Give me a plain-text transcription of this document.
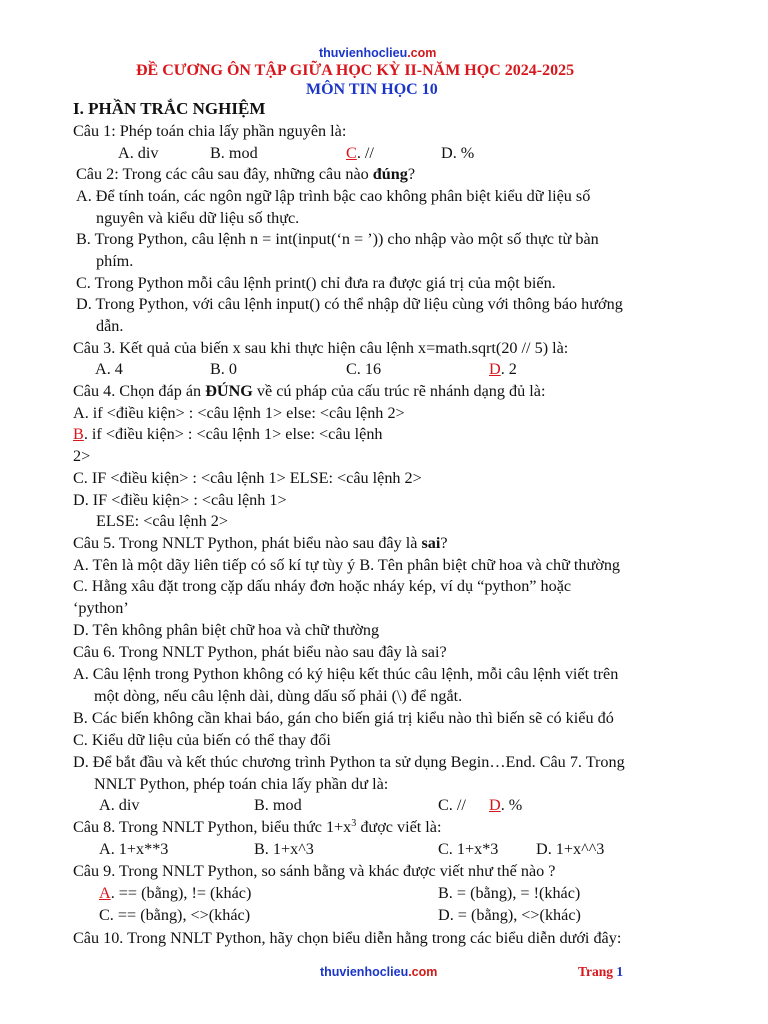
thuvienhoclieu.com
ĐỀ CƯƠNG ÔN TẬP GIỮA HỌC KỲ II-NĂM HỌC 2024-2025
MÔN TIN HỌC 10
I. PHẦN TRẮC NGHIỆM
Câu 1: Phép toán chia lấy phần nguyên là:
A. div	B. mod	C. //	D. %
Câu 2: Trong các câu sau đây, những câu nào đúng?
A. Để tính toán, các ngôn ngữ lập trình bậc cao không phân biệt kiểu dữ liệu số
nguyên và kiểu dữ liệu số thực.
B. Trong Python, câu lệnh n = int(input(‘n = ’)) cho nhập vào một số thực từ bàn
phím.
C. Trong Python mỗi câu lệnh print() chỉ đưa ra được giá trị của một biến.
D. Trong Python, với câu lệnh input() có thể nhập dữ liệu cùng với thông báo hướng
dẫn.
Câu 3. Kết quả của biến x sau khi thực hiện câu lệnh x=math.sqrt(20 // 5) là:
A. 4	B. 0	C. 16	D. 2
Câu 4. Chọn đáp án ĐÚNG về cú pháp của cấu trúc rẽ nhánh dạng đủ là:
A. if <điều kiện> : <câu lệnh 1> else: <câu lệnh 2>
B. if <điều kiện> : <câu lệnh 1> else: <câu lệnh
2>
C. IF <điều kiện> : <câu lệnh 1> ELSE: <câu lệnh 2>
D. IF <điều kiện> : <câu lệnh 1>
ELSE: <câu lệnh 2>
Câu 5. Trong NNLT Python, phát biểu nào sau đây là sai?
A. Tên là một dãy liên tiếp có số kí tự tùy ý B. Tên phân biệt chữ hoa và chữ thường
C. Hằng xâu đặt trong cặp dấu nháy đơn hoặc nháy kép, ví dụ “python” hoặc
‘python’
D. Tên không phân biệt chữ hoa và chữ thường
Câu 6. Trong NNLT Python, phát biểu nào sau đây là sai?
A. Câu lệnh trong Python không có ký hiệu kết thúc câu lệnh, mỗi câu lệnh viết trên
một dòng, nếu câu lệnh dài, dùng dấu số phải (\) để ngắt.
B. Các biến không cần khai báo, gán cho biến giá trị kiểu nào thì biến sẽ có kiểu đó
C. Kiểu dữ liệu của biến có thể thay đổi
D. Để bắt đầu và kết thúc chương trình Python ta sử dụng Begin…End. Câu 7. Trong
NNLT Python, phép toán chia lấy phần dư là:
A. div	B. mod	C. // D. %
Câu 8. Trong NNLT Python, biểu thức $1+x^3$ được viết là:
A. 1+x**3	B. 1+x^3	C. 1+x*3 D. 1+x^^3
Câu 9. Trong NNLT Python, so sánh bằng và khác được viết như thế nào ?
A. == (bằng), != (khác)	B. = (bằng), = !(khác)
C. == (bằng), <>(khác)	D. = (bằng), <>(khác)
Câu 10. Trong NNLT Python, hãy chọn biểu diễn hằng trong các biểu diễn dưới đây:
thuvienhoclieu.com	Trang 1
